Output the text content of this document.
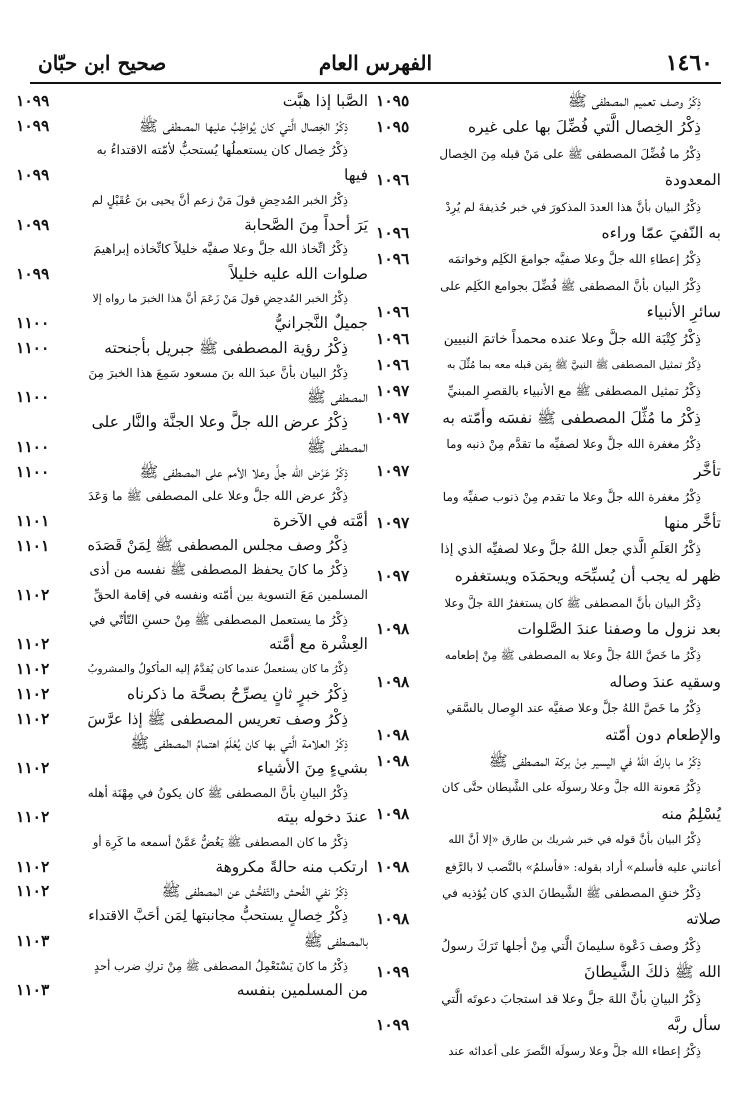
١٤٦٠
الفهرس العام
صحيح ابن حبّان
ذِكْرُ وصف تعميم المصطفى ﷺ
١٠٩٥
ذِكْرُ الخِصال الَّتي فُضِّلَ بها على غيره
١٠٩٥
ذِكْرُ ما فُضِّلَ المصطفى ﷺ على مَنْ قبله مِنَ الخِصال
المعدودة
١٠٩٦
ذِكْرُ البيان بأنَّ هذا العددَ المذكورَ في خبر حُذيفةَ لم يُرِدْ
به النّفيَ عمّا وراءه
١٠٩٦
ذِكْرُ إعطاءِ الله جلَّ وعلا صفيَّه جوامعَ الكَلِم وخواتمَه
١٠٩٦
ذِكْرُ البيان بأنَّ المصطفى ﷺ فُضِّلَ بجوامع الكَلِم على
سائرِ الأنبياء
١٠٩٦
ذِكْرُ كِتْبَة الله جلَّ وعلا عنده محمداً خاتمَ النبيين
١٠٩٦
ذِكْرُ تمثيل المصطفى ﷺ النبيَّ ﷺ بِمَن قبله معه بما مُثِّلَ به
١٠٩٦
ذِكْرُ تمثيل المصطفى ﷺ مع الأنبياء بالقصرِ المبنيِّ
١٠٩٧
ذِكْرُ ما مُثِّلَ المصطفى ﷺ نفسَه وأمّته به
١٠٩٧
ذِكْرُ مغفرة الله جلَّ وعلا لصفيِّه ما تقدَّم مِنْ ذنبه وما
تأخَّر
١٠٩٧
ذِكْرُ مغفرة الله جلَّ وعلا ما تقدم مِنْ ذنوب صفيِّه وما
تأخَّر منها
١٠٩٧
ذِكْرُ العَلَمِ الَّذي جعل اللهُ جلَّ وعلا لصفيِّه الذي إذا
ظهر له يجب أن يُسبِّحَه ويحمَدَه ويستغفره
١٠٩٧
ذِكْرُ البيان بأنَّ المصطفى ﷺ كان يستغفرُ اللهَ جلَّ وعلا
بعد نزول ما وصفنا عندَ الصَّلوات
١٠٩٨
ذِكْرُ ما خَصَّ اللهُ جلَّ وعلا به المصطفى ﷺ مِنْ إطعامه
وسقيه عندَ وصاله
١٠٩٨
ذِكْرُ ما خَصَّ اللهُ جلَّ وعلا صفيَّه عند الوِصال بالسَّقي
والإطعام دون أمّته
١٠٩٨
ذِكْرُ ما باركَ اللهُ في اليسير مِنْ بركة المصطفى ﷺ
١٠٩٨
ذِكْرُ مَعونة الله جلَّ وعلا رسولَه على الشَّيطان حتَّى كان
يُسْلِمُ منه
١٠٩٨
ذِكْرُ البيان بأنَّ قوله في خبر شريك بن طارق «إلا أنَّ الله
أعانني عليه فأسلم» أراد بقوله: «فأسلمُ» بالنَّصب لا بالرَّفع
١٠٩٨
ذِكْرُ خنقِ المصطفى ﷺ الشَّيطانَ الذي كان يُؤذيه في
صلاته
١٠٩٨
ذِكْرُ وصف دَعْوة سليمانَ الَّتي مِنْ أجلها تَرَكَ رسولُ
الله ﷺ ذلكَ الشَّيطانَ
١٠٩٩
ذِكْرُ البيانِ بأنَّ اللهَ جلَّ وعلا قد استجابَ دعوتَه الَّتي
سأل ربَّه
١٠٩٩
ذِكْرُ إعطاء الله جلَّ وعلا رسولَه النَّصرَ على أعدائه عند
الصَّبا إذا هبَّت
١٠٩٩
ذِكْرُ الخِصال الَّتي كان يُواظِبُ عليها المصطفى ﷺ
١٠٩٩
ذِكْرُ خِصال كان يستعملُها يُستحبُّ لأمّته الاقتداءُ به
فيها
١٠٩٩
ذِكْرُ الخبر المُدحِضِ قولَ مَنْ زعم أنَّ يحيى بنَ عُقَيْلٍ لم
يَرَ أحداً مِنَ الصَّحابة
١٠٩٩
ذِكْرُ اتِّخاذ الله جلَّ وعلا صفيَّه خليلاً كاتِّخاذه إبراهيمَ
صلوات الله عليه خليلاً
١٠٩٩
ذِكْرُ الخبر المُدحِضِ قولَ مَنْ زَعَمَ أنَّ هذا الخبرَ ما رواه إلا
جميلٌ النَّجرانيُّ
١١٠٠
ذِكْرُ رؤية المصطفى ﷺ جبريل بأجنحته
١١٠٠
ذِكْرُ البيان بأنَّ عبدَ الله بنَ مسعود سَمِعَ هذا الخبرَ مِنَ
المصطفى ﷺ
١١٠٠
ذِكْرُ عرض الله جلَّ وعلا الجنَّة والنَّار على
المصطفى ﷺ
١١٠٠
ذِكْرُ عَرْض الله جلَّ وعلا الأمم على المصطفى ﷺ
١١٠٠
ذِكْرُ عرض الله جلَّ وعلا على المصطفى ﷺ ما وَعَدَ
أمَّته في الآخرة
١١٠١
ذِكْرُ وصف مجلس المصطفى ﷺ لِمَنْ قَصَدَه
١١٠١
ذِكْرُ ما كانَ يحفظ المصطفى ﷺ نفسه من أذى
المسلمين مَعَ التسوية بين أمّته ونفسه في إقامة الحقِّ
١١٠٢
ذِكْرُ ما يستعمل المصطفى ﷺ مِنْ حسنِ التّأتّي في
العِشْرة مع أمَّته
١١٠٢
ذِكْرُ ما كان يستعملُ عندما كان يُقدَّمُ إليه المأكولُ والمشروبُ
١١٠٢
ذِكْرُ خبرٍ ثانٍ يصرِّحُ بصحَّة ما ذكرناه
١١٠٢
ذِكْرُ وصف تعريس المصطفى ﷺ إذا عرَّسَ
١١٠٢
ذِكْرُ العلامة الَّتي بها كان يُعْلَمُ اهتمامُ المصطفى ﷺ
بشيءٍ مِنَ الأشياء
١١٠٢
ذِكْرُ البيانِ بأنَّ المصطفى ﷺ كان يكونُ في مِهْنَة أهله
عندَ دخوله بيته
١١٠٢
ذِكْرُ ما كان المصطفى ﷺ يَغُضُّ عَمَّنْ أسمعه ما كَرِهَ أو
ارتكب منه حالةً مكروهة
١١٠٢
ذِكْرُ نفي الفُحش والتّفحُّش عن المصطفى ﷺ
١١٠٢
ذِكْرُ خِصالٍ يستحبُّ مجانبتها لِمَن أحَبَّ الاقتداء
بالمصطفى ﷺ
١١٠٣
ذِكْرُ ما كانَ يَسْتَعْمِلُ المصطفى ﷺ مِنْ تركِ ضرب أحدٍ
من المسلمين بنفسه
١١٠٣
